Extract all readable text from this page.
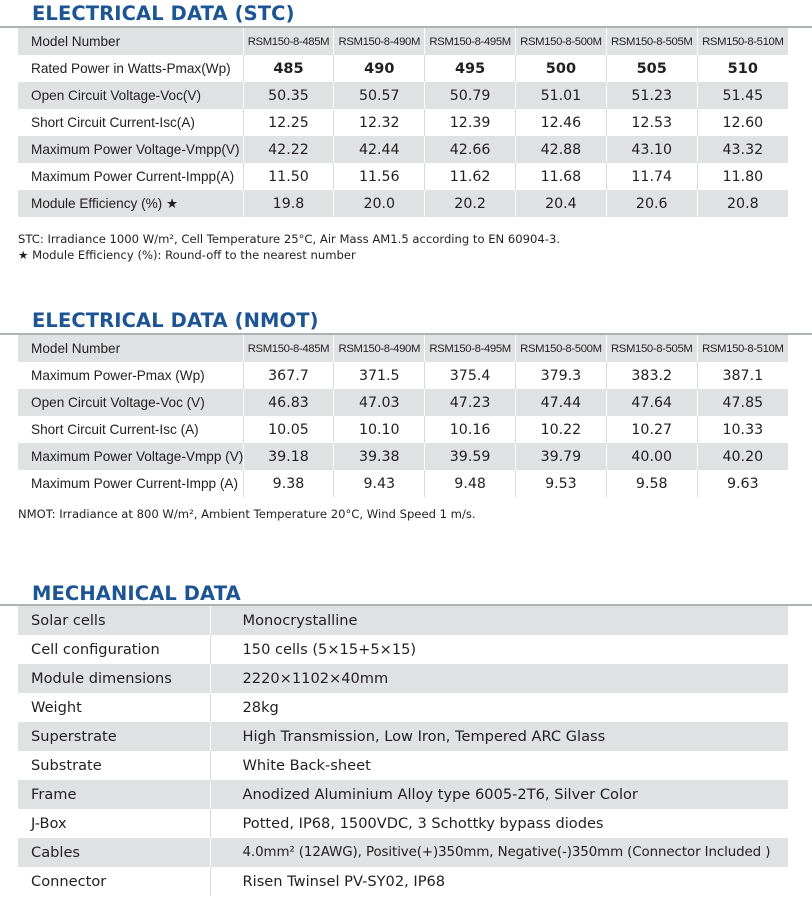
ELECTRICAL DATA (STC)
Model Number	RSM150-8-485M	RSM150-8-490M	RSM150-8-495M	RSM150-8-500M	RSM150-8-505M	RSM150-8-510M
Rated Power in Watts-Pmax(Wp)	485	490	495	500	505	510
Open Circuit Voltage-Voc(V)	50.35	50.57	50.79	51.01	51.23	51.45
Short Circuit Current-Isc(A)	12.25	12.32	12.39	12.46	12.53	12.60
Maximum Power Voltage-Vmpp(V)	42.22	42.44	42.66	42.88	43.10	43.32
Maximum Power Current-Impp(A)	11.50	11.56	11.62	11.68	11.74	11.80
Module Efficiency (%) ★	19.8	20.0	20.2	20.4	20.6	20.8

STC: Irradiance 1000 W/m², Cell Temperature 25°C, Air Mass AM1.5 according to EN 60904-3.

★ Module Efficiency (%): Round-off to the nearest number

ELECTRICAL DATA (NMOT)
Model Number	RSM150-8-485M	RSM150-8-490M	RSM150-8-495M	RSM150-8-500M	RSM150-8-505M	RSM150-8-510M
Maximum Power-Pmax (Wp)	367.7	371.5	375.4	379.3	383.2	387.1
Open Circuit Voltage-Voc (V)	46.83	47.03	47.23	47.44	47.64	47.85
Short Circuit Current-Isc (A)	10.05	10.10	10.16	10.22	10.27	10.33
Maximum Power Voltage-Vmpp (V)	39.18	39.38	39.59	39.79	40.00	40.20
Maximum Power Current-Impp (A)	9.38	9.43	9.48	9.53	9.58	9.63

NMOT: Irradiance at 800 W/m², Ambient Temperature 20°C, Wind Speed 1 m/s.

MECHANICAL DATA
Solar cells	Monocrystalline
Cell configuration	150 cells (5×15+5×15)
Module dimensions	2220×1102×40mm
Weight	28kg
Superstrate	High Transmission, Low Iron, Tempered ARC Glass
Substrate	White Back-sheet
Frame	Anodized Aluminium Alloy type 6005-2T6, Silver Color
J-Box	Potted, IP68, 1500VDC, 3 Schottky bypass diodes
Cables	4.0mm² (12AWG), Positive(+)350mm, Negative(-)350mm (Connector Included )
Connector	Risen Twinsel PV-SY02, IP68
